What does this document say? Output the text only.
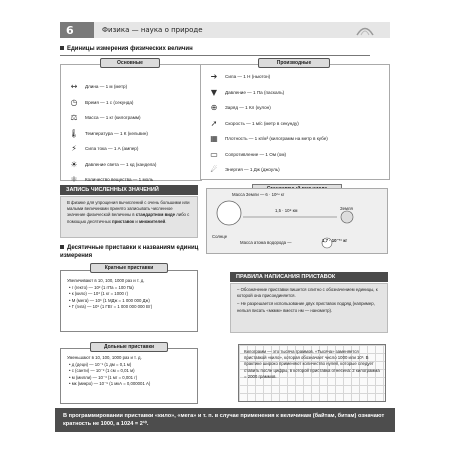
6	Физика — наука о природе
Единицы измерения физических величин
↔	Длина — 1 м (метр)
◷	Время — 1 с (секунда)
⚖	Масса — 1 кг (килограмм)
🌡 Температура — 1 К (кельвин)
⚡	Сила тока — 1 А (ампер)
☀	Давление света — 1 кд (кандела)
⚛	Количество вещества — 1 моль
Основные
➔	Сила — 1 Н (ньютон)
▼	Давление — 1 Па (паскаль)
⊕	Заряд — 1 Кл (кулон)
➚	Скорость — 1 м/с (метр в секунду)
▦ Плотность — 1 кг/м³ (килограмм на метр в кубе)
▭ Сопротивление — 1 Ом (ом)
☄	Энергия — 1 Дж (джоуль)
Производные
ЗАПИСЬ ЧИСЛЕННЫХ ЗНАЧЕНИЙ
В физике для упрощения вычислений с очень большими или малыми величинами принято записывать численное значение физической величины в стандартном виде либо с помощью десятичных приставок и множителей.
Масса Земли — 6 · 10²⁴ кг
1,5 · 10⁸ км	Земля
Солнце
Масса атома водорода —	1,7 · 10⁻²⁷ кг
Десятичные приставки к названиям единиц измерения
Увеличивают в 10, 100, 1000 раз и т. д.
• г (гекто) — 10² (1 гПа = 100 Па)
• к (кило) — 10³ (1 кг = 1000 г)
• М (мега) — 10⁶ (1 МДж = 1 000 000 Дж)
• Г (гига) — 10⁹ (1 ГВт = 1 000 000 000 Вт)
Кратные приставки
Уменьшают в 10, 100, 1000 раз и т. д.
• д (деци) — 10⁻¹ (1 дм = 0,1 м)
• с (санти) — 10⁻² (1 см = 0,01 м)
• м (милли) — 10⁻³ (1 мг = 0,001 г)
• мк (микро) — 10⁻⁶ (1 мкА = 0,000001 А)
Дольные приставки
ПРАВИЛА НАПИСАНИЯ ПРИСТАВОК
– Обозначение приставки пишется слитно с обозначением единицы, к которой она присоединяется.
– Не разрешается использование двух приставок подряд (например, нельзя писать «мкмм» вместо нм — нанометр).
Килограмм — это тысяча граммов. «Тысяча» заменяется приставкой «кило», которая обозначает число 1000 или 10³. В практике широко применяют количество нулей, которые следует ставить после цифры, в которой приставка отнесена: 2 килограмма = 2000 граммов.
В программировании приставки «кило», «мега» и т. п. в случае применения к величинам (байтам, битам) означают кратность не 1000, а 1024 = 2¹⁰.
